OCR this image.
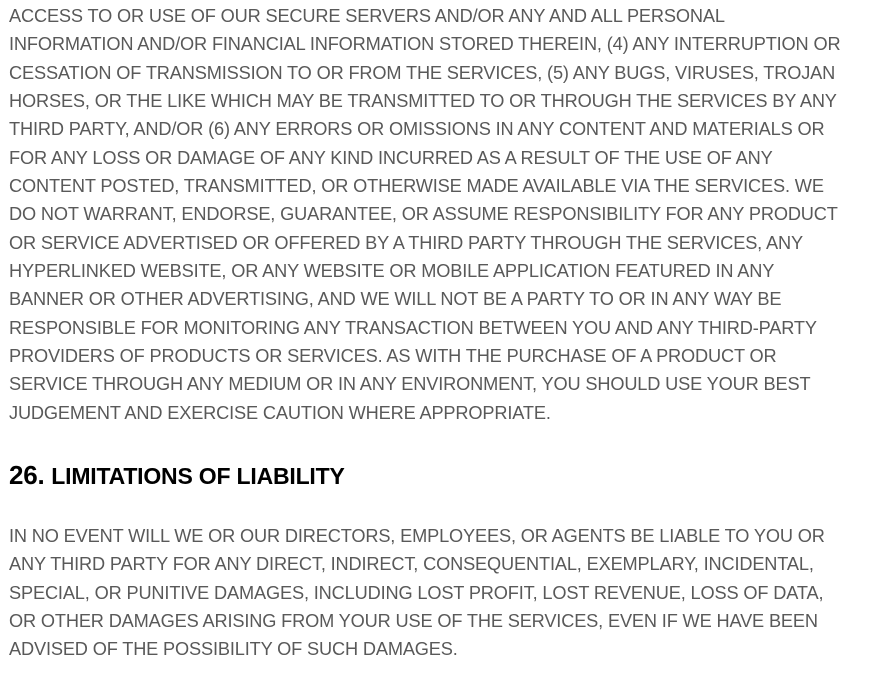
ACCESS TO OR USE OF OUR SECURE SERVERS AND/OR ANY AND ALL PERSONAL
INFORMATION AND/OR FINANCIAL INFORMATION STORED THEREIN, (4) ANY INTERRUPTION OR
CESSATION OF TRANSMISSION TO OR FROM THE SERVICES, (5) ANY BUGS, VIRUSES, TROJAN
HORSES, OR THE LIKE WHICH MAY BE TRANSMITTED TO OR THROUGH THE SERVICES BY ANY
THIRD PARTY, AND/OR (6) ANY ERRORS OR OMISSIONS IN ANY CONTENT AND MATERIALS OR
FOR ANY LOSS OR DAMAGE OF ANY KIND INCURRED AS A RESULT OF THE USE OF ANY
CONTENT POSTED, TRANSMITTED, OR OTHERWISE MADE AVAILABLE VIA THE SERVICES. WE
DO NOT WARRANT, ENDORSE, GUARANTEE, OR ASSUME RESPONSIBILITY FOR ANY PRODUCT
OR SERVICE ADVERTISED OR OFFERED BY A THIRD PARTY THROUGH THE SERVICES, ANY
HYPERLINKED WEBSITE, OR ANY WEBSITE OR MOBILE APPLICATION FEATURED IN ANY
BANNER OR OTHER ADVERTISING, AND WE WILL NOT BE A PARTY TO OR IN ANY WAY BE
RESPONSIBLE FOR MONITORING ANY TRANSACTION BETWEEN YOU AND ANY THIRD-PARTY
PROVIDERS OF PRODUCTS OR SERVICES. AS WITH THE PURCHASE OF A PRODUCT OR
SERVICE THROUGH ANY MEDIUM OR IN ANY ENVIRONMENT, YOU SHOULD USE YOUR BEST
JUDGEMENT AND EXERCISE CAUTION WHERE APPROPRIATE.

26. LIMITATIONS OF LIABILITY

IN NO EVENT WILL WE OR OUR DIRECTORS, EMPLOYEES, OR AGENTS BE LIABLE TO YOU OR
ANY THIRD PARTY FOR ANY DIRECT, INDIRECT, CONSEQUENTIAL, EXEMPLARY, INCIDENTAL,
SPECIAL, OR PUNITIVE DAMAGES, INCLUDING LOST PROFIT, LOST REVENUE, LOSS OF DATA,
OR OTHER DAMAGES ARISING FROM YOUR USE OF THE SERVICES, EVEN IF WE HAVE BEEN
ADVISED OF THE POSSIBILITY OF SUCH DAMAGES.
